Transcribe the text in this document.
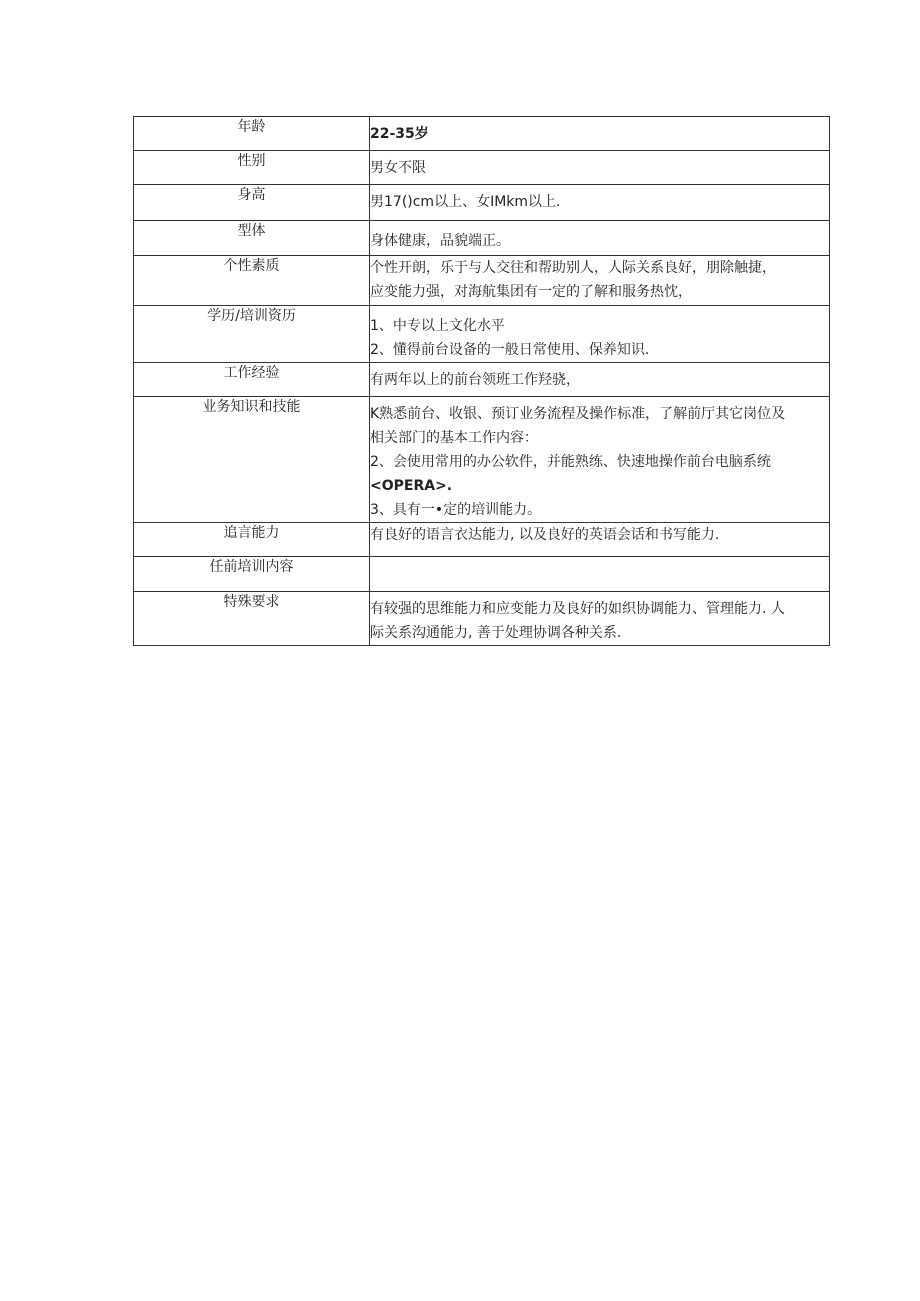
年龄	22-35岁

性别	男女不限

身高	男17()cm以上、女IMkm以上.

型体	身体健康，品貌端正。

个性素质	个性开朗，乐于与人交往和帮助别人，人际关系良好，朋除触捷，
应变能力强，对海航集团有一定的了解和服务热忱，

学历/培训资历	1、中专以上文化水平
2、懂得前台设备的一般日常使用、保养知识.

工作经验	有两年以上的前台领班工作羟骁，

业务知识和技能	K熟悉前台、收银、预订业务流程及操作标准，了解前厅其它岗位及
相关部门的基本工作内容：
2、会使用常用的办公软件，并能熟练、快速地操作前台电脑系统
<OPERA>.
3、具有一•定的培训能力。

追言能力	有良好的语言衣达能力, 以及良好的英语会话和书写能力.

任前培训内容	

特殊要求	有较强的思维能力和应变能力及良好的如织协调能力、管理能力. 人
际关系沟通能力, 善于处理协调各种关系.
